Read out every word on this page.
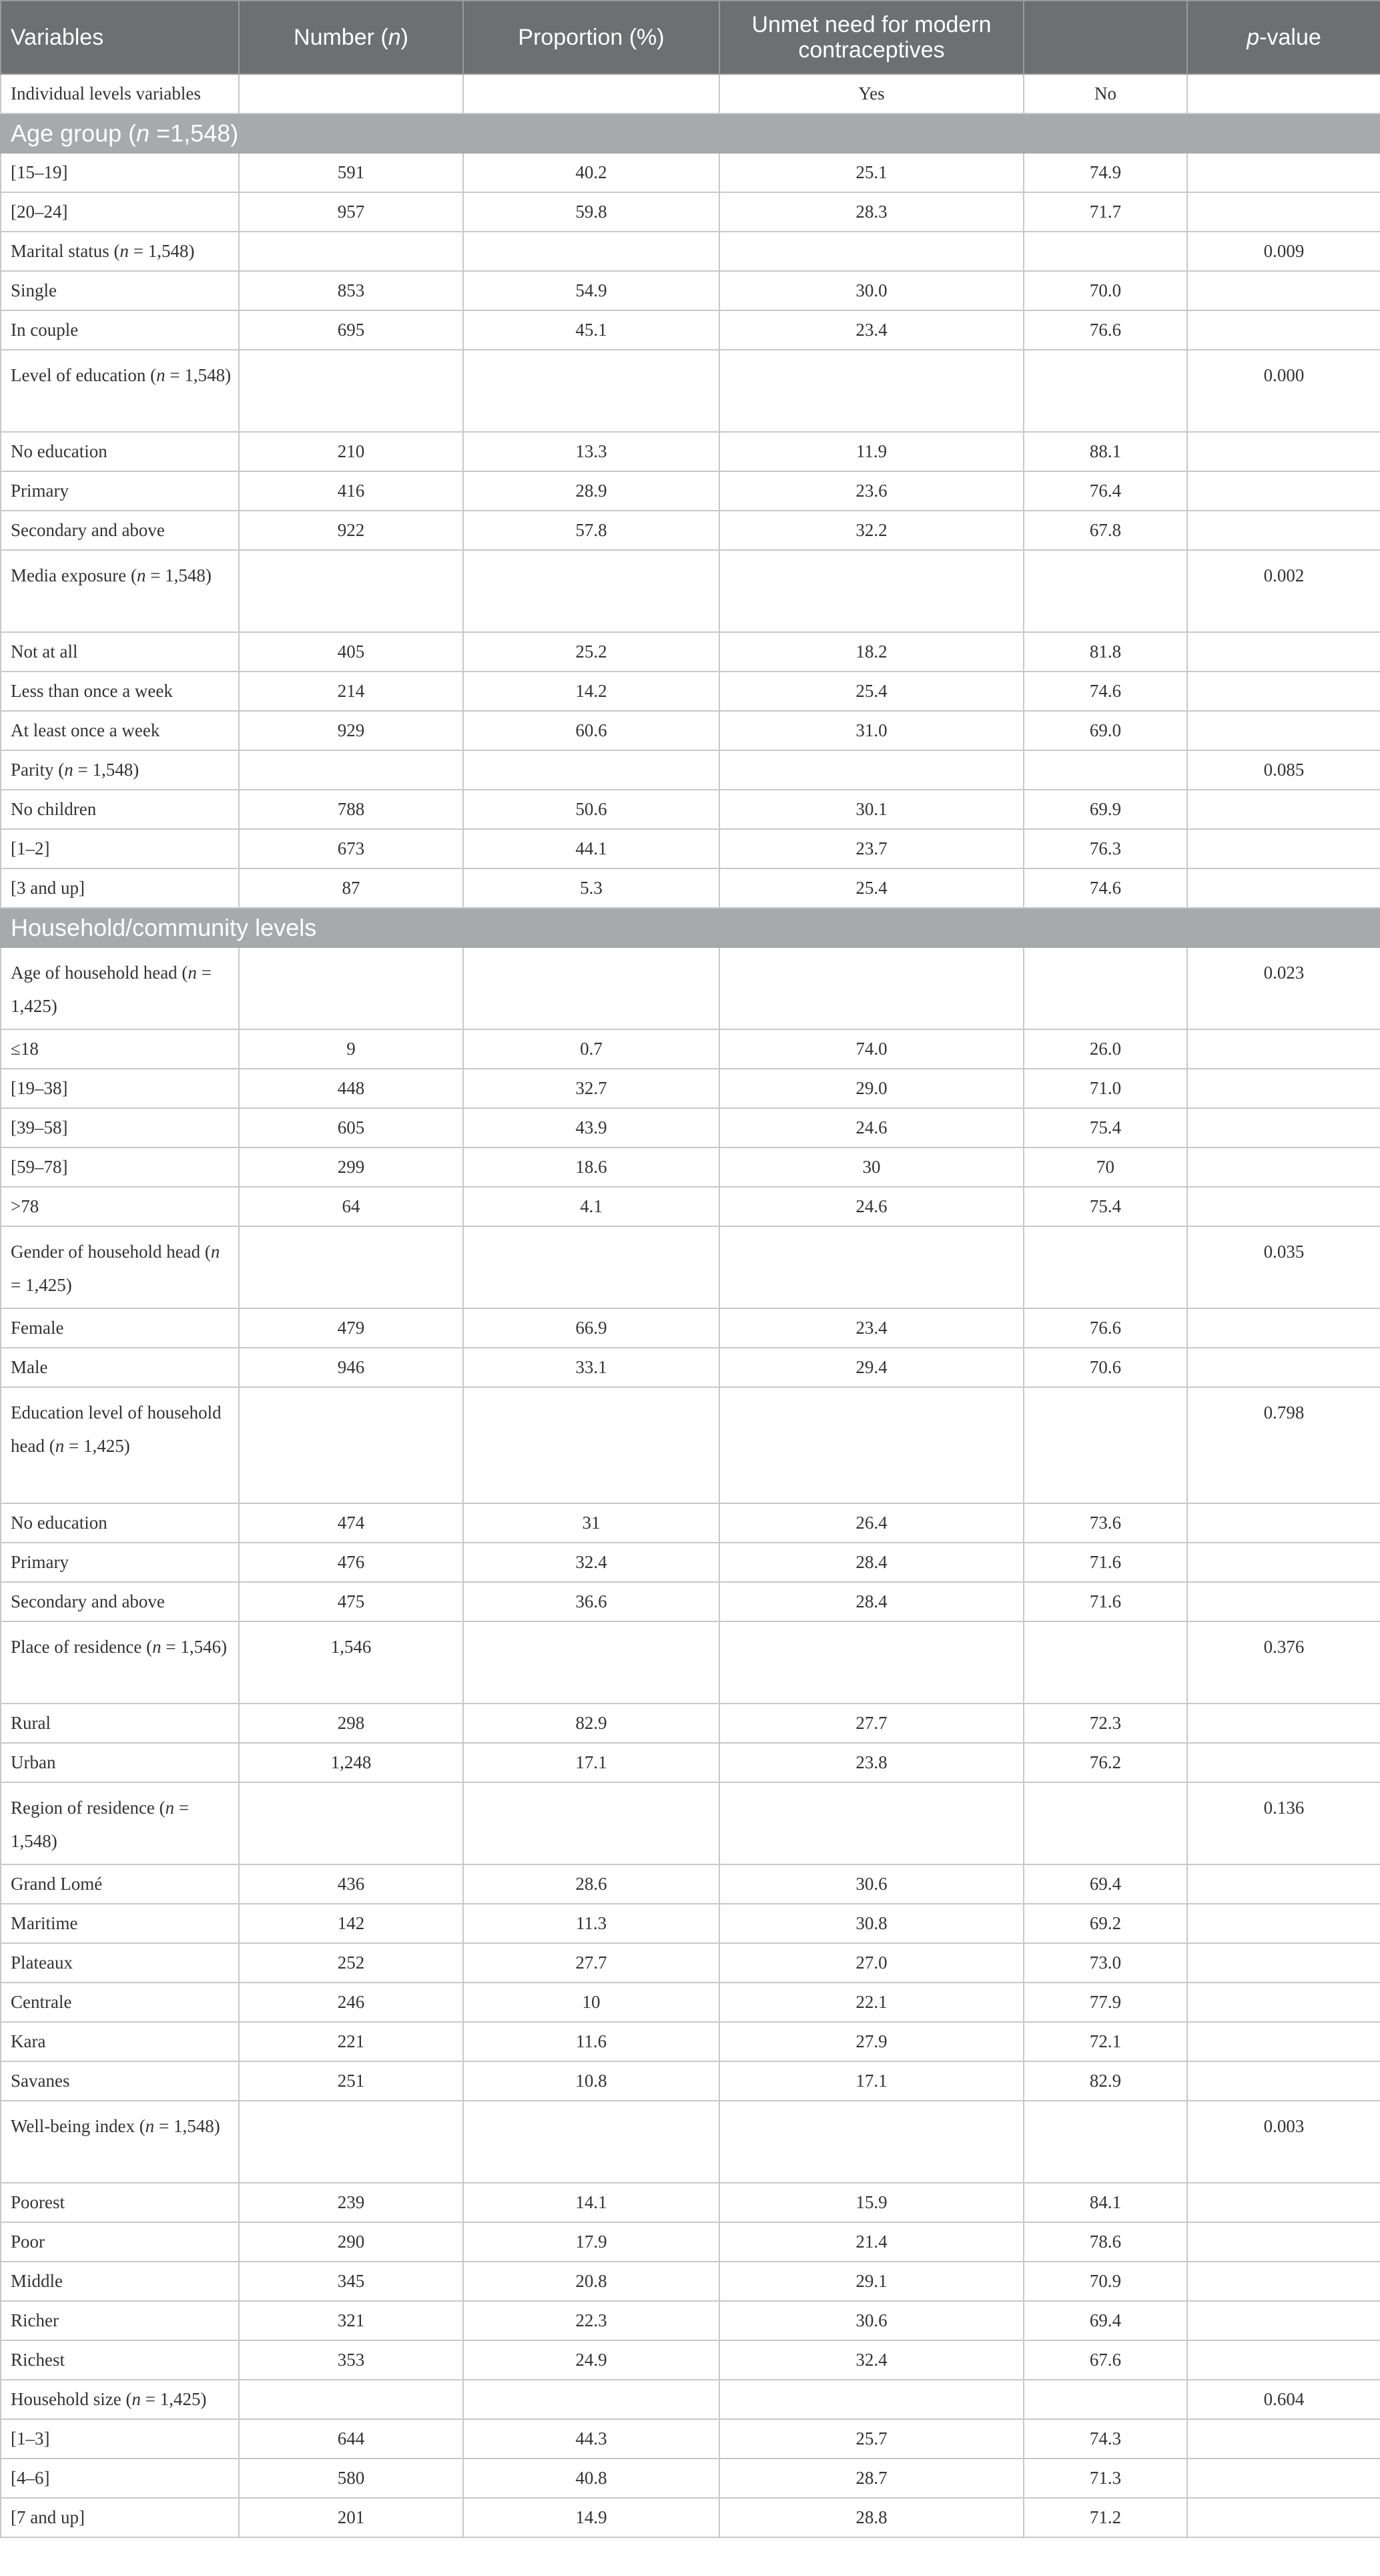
Variables	Number (n)	Proportion (%)	Unmet need for modern contraceptives		p-value
Individual levels variables			Yes	No	
Age group (n =1,548)					
[15–19]	591	40.2	25.1	74.9	
[20–24]	957	59.8	28.3	71.7	
Marital status (n = 1,548)					0.009
Single	853	54.9	30.0	70.0	
In couple	695	45.1	23.4	76.6	
Level of education (n = 1,548)					0.000
No education	210	13.3	11.9	88.1	
Primary	416	28.9	23.6	76.4	
Secondary and above	922	57.8	32.2	67.8	
Media exposure (n = 1,548)					0.002
Not at all	405	25.2	18.2	81.8	
Less than once a week	214	14.2	25.4	74.6	
At least once a week	929	60.6	31.0	69.0	
Parity (n = 1,548)					0.085
No children	788	50.6	30.1	69.9	
[1–2]	673	44.1	23.7	76.3	
[3 and up]	87	5.3	25.4	74.6	
Household/community levels					
Age of household head (n = 1,425)					0.023
≤18	9	0.7	74.0	26.0	
[19–38]	448	32.7	29.0	71.0	
[39–58]	605	43.9	24.6	75.4	
[59–78]	299	18.6	30	70	
>78	64	4.1	24.6	75.4	
Gender of household head (n = 1,425)					0.035
Female	479	66.9	23.4	76.6	
Male	946	33.1	29.4	70.6	
Education level of household head (n = 1,425)					0.798
No education	474	31	26.4	73.6	
Primary	476	32.4	28.4	71.6	
Secondary and above	475	36.6	28.4	71.6	
Place of residence (n = 1,546)	1,546				0.376
Rural	298	82.9	27.7	72.3	
Urban	1,248	17.1	23.8	76.2	
Region of residence (n = 1,548)					0.136
Grand Lomé	436	28.6	30.6	69.4	
Maritime	142	11.3	30.8	69.2	
Plateaux	252	27.7	27.0	73.0	
Centrale	246	10	22.1	77.9	
Kara	221	11.6	27.9	72.1	
Savanes	251	10.8	17.1	82.9	
Well-being index (n = 1,548)					0.003
Poorest	239	14.1	15.9	84.1	
Poor	290	17.9	21.4	78.6	
Middle	345	20.8	29.1	70.9	
Richer	321	22.3	30.6	69.4	
Richest	353	24.9	32.4	67.6	
Household size (n = 1,425)					0.604
[1–3]	644	44.3	25.7	74.3	
[4–6]	580	40.8	28.7	71.3	
[7 and up]	201	14.9	28.8	71.2	
